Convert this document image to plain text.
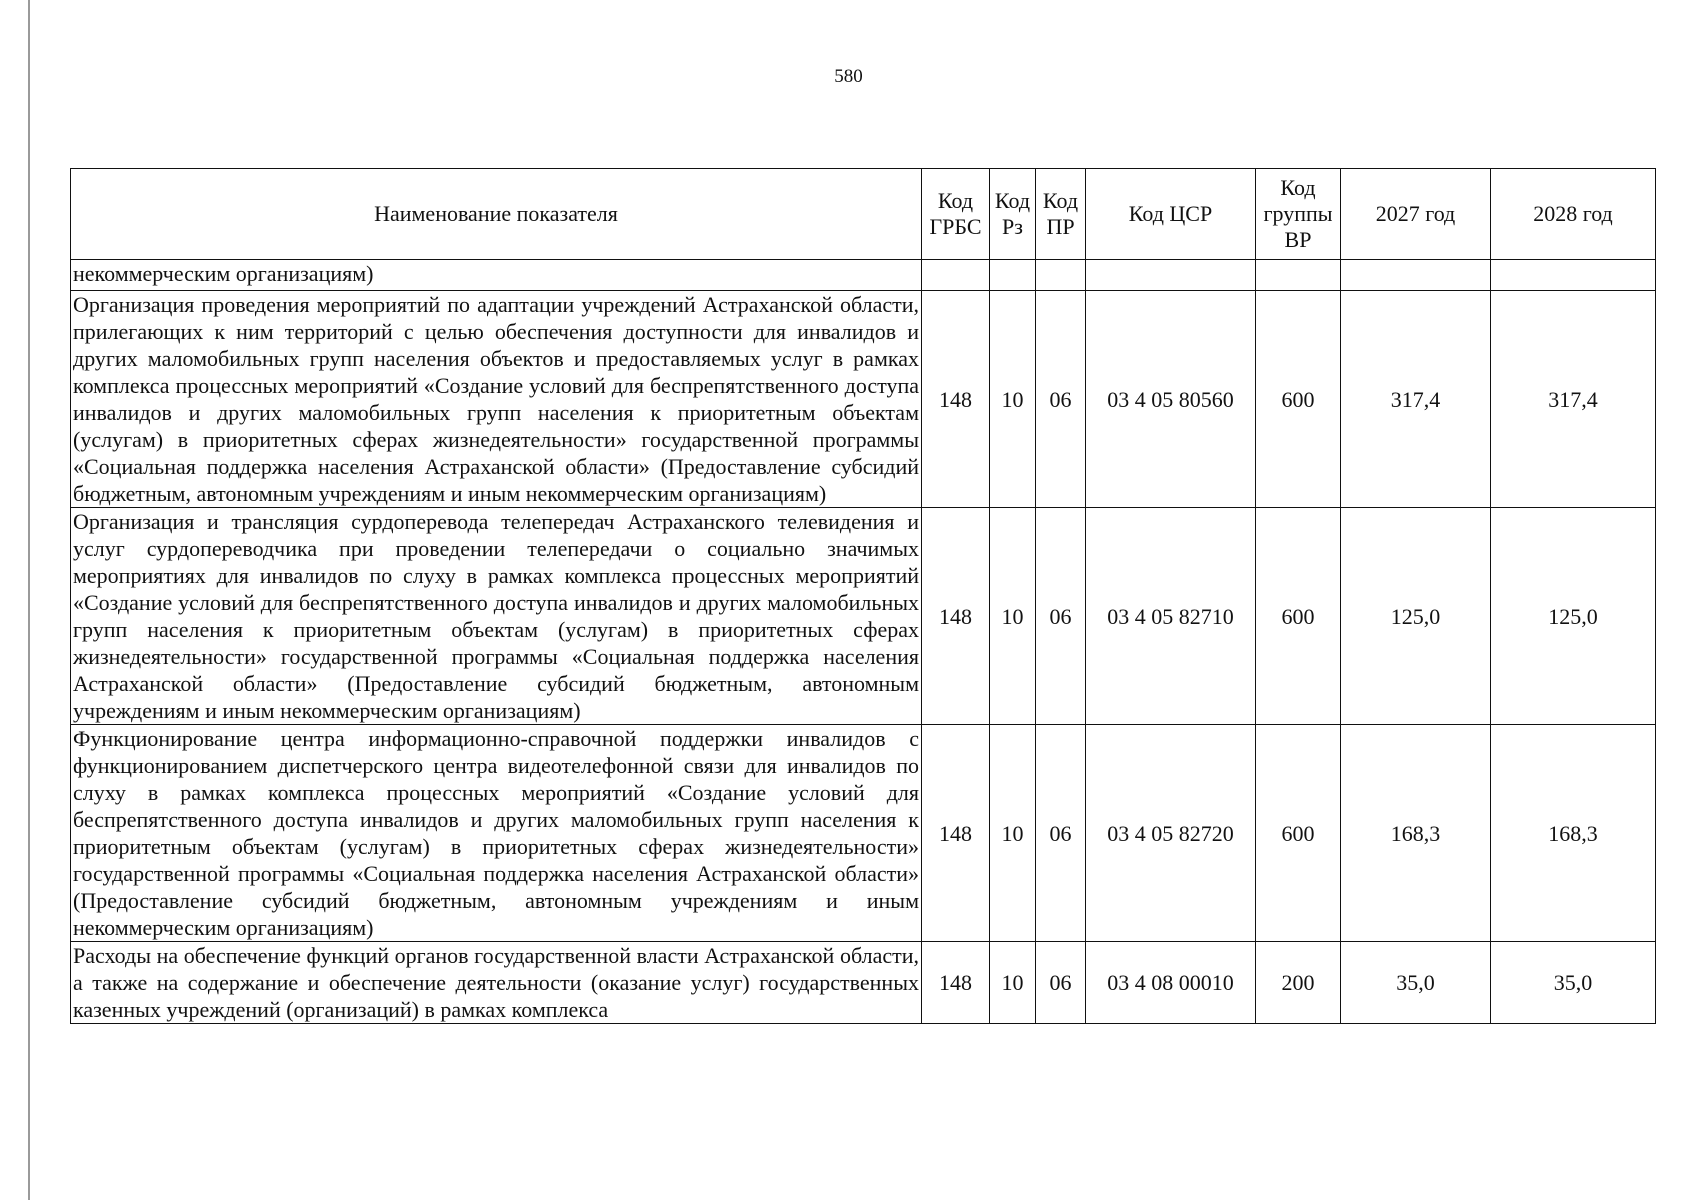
580
Наименование показателя	Код ГРБС	Код Рз	Код ПР	Код ЦСР	Код группы ВР	2027 год	2028 год
некоммерческим организациям)							
Организация проведения мероприятий по адаптации учреждений Астраханской области, прилегающих к ним территорий с целью обеспечения доступности для инвалидов и других маломобильных групп населения объектов и предоставляемых услуг в рамках комплекса процессных мероприятий «Создание условий для беспрепятственного доступа инвалидов и других маломобильных групп населения к приоритетным объектам (услугам) в приоритетных сферах жизнедеятельности» государственной программы «Социальная поддержка населения Астраханской области» (Предоставление субсидий бюджетным, автономным учреждениям и иным некоммерческим организациям)	148	10	06	03 4 05 80560	600	317,4	317,4
Организация и трансляция сурдоперевода телепередач Астраханского телевидения и услуг сурдопереводчика при проведении телепередачи о социально значимых мероприятиях для инвалидов по слуху в рамках комплекса процессных мероприятий «Создание условий для беспрепятственного доступа инвалидов и других маломобильных групп населения к приоритетным объектам (услугам) в приоритетных сферах жизнедеятельности» государственной программы «Социальная поддержка населения Астраханской области» (Предоставление субсидий бюджетным, автономным учреждениям и иным некоммерческим организациям)	148	10	06	03 4 05 82710	600	125,0	125,0
Функционирование центра информационно-справочной поддержки инвалидов с функционированием диспетчерского центра видеотелефонной связи для инвалидов по слуху в рамках комплекса процессных мероприятий «Создание условий для беспрепятственного доступа инвалидов и других маломобильных групп населения к приоритетным объектам (услугам) в приоритетных сферах жизнедеятельности» государственной программы «Социальная поддержка населения Астраханской области» (Предоставление субсидий бюджетным, автономным учреждениям и иным некоммерческим организациям)	148	10	06	03 4 05 82720	600	168,3	168,3
Расходы на обеспечение функций органов государственной власти Астраханской области, а также на содержание и обеспечение деятельности (оказание услуг) государственных казенных учреждений (организаций) в рамках комплекса	148	10	06	03 4 08 00010	200	35,0	35,0
